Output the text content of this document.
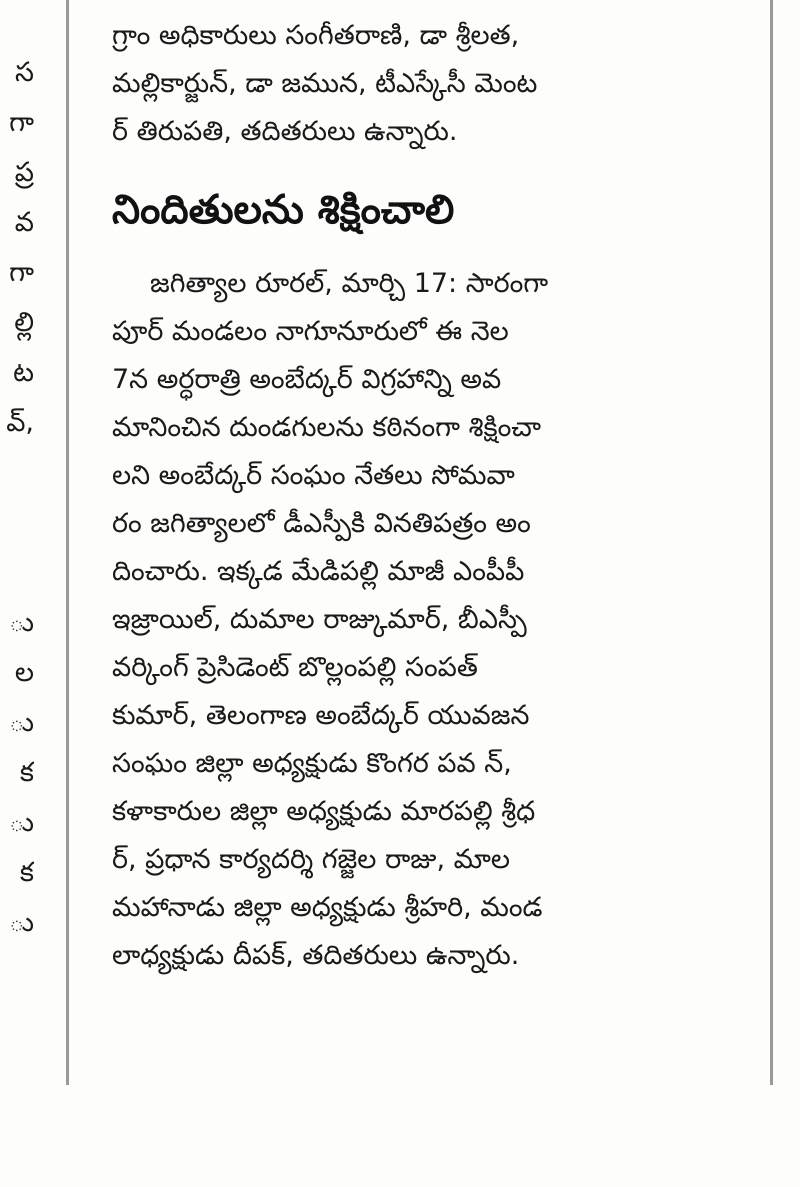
స
గా
ప్ర
వ
గా
ల్లి
ట
వ్,
ు
ల
ు
క
ు
క
ు
గ్రాం అధికారులు సంగీతరాణి, డా శ్రీలత,
మల్లికార్జున్, డా జమున, టీఎస్కేసీ మెంట
ర్ తిరుపతి, తదితరులు ఉన్నారు.
నిందితులను శిక్షించాలి
జగిత్యాల రూరల్, మార్చి 17: సారంగా
పూర్ మండలం నాగూనూరులో ఈ నెల
7న అర్ధరాత్రి అంబేద్కర్ విగ్రహాన్ని అవ
మానించిన దుండగులను కఠినంగా శిక్షించా
లని అంబేద్కర్ సంఘం నేతలు సోమవా
రం జగిత్యాలలో డీఎస్పీకి వినతిపత్రం అం
దించారు. ఇక్కడ మేడిపల్లి మాజీ ఎంపీపీ
ఇజ్రాయిల్, దుమాల రాజ్కుమార్, బీఎస్పీ
వర్కింగ్ ప్రెసిడెంట్ బొల్లంపల్లి సంపత్
కుమార్, తెలంగాణ అంబేద్కర్ యువజన
సంఘం జిల్లా అధ్యక్షుడు కొంగర పవ న్,
కళాకారుల జిల్లా అధ్యక్షుడు మారపల్లి శ్రీధ
ర్, ప్రధాన కార్యదర్శి గజ్జెల రాజు, మాల
మహానాడు జిల్లా అధ్యక్షుడు శ్రీహరి, మండ
లాధ్యక్షుడు దీపక్, తదితరులు ఉన్నారు.
